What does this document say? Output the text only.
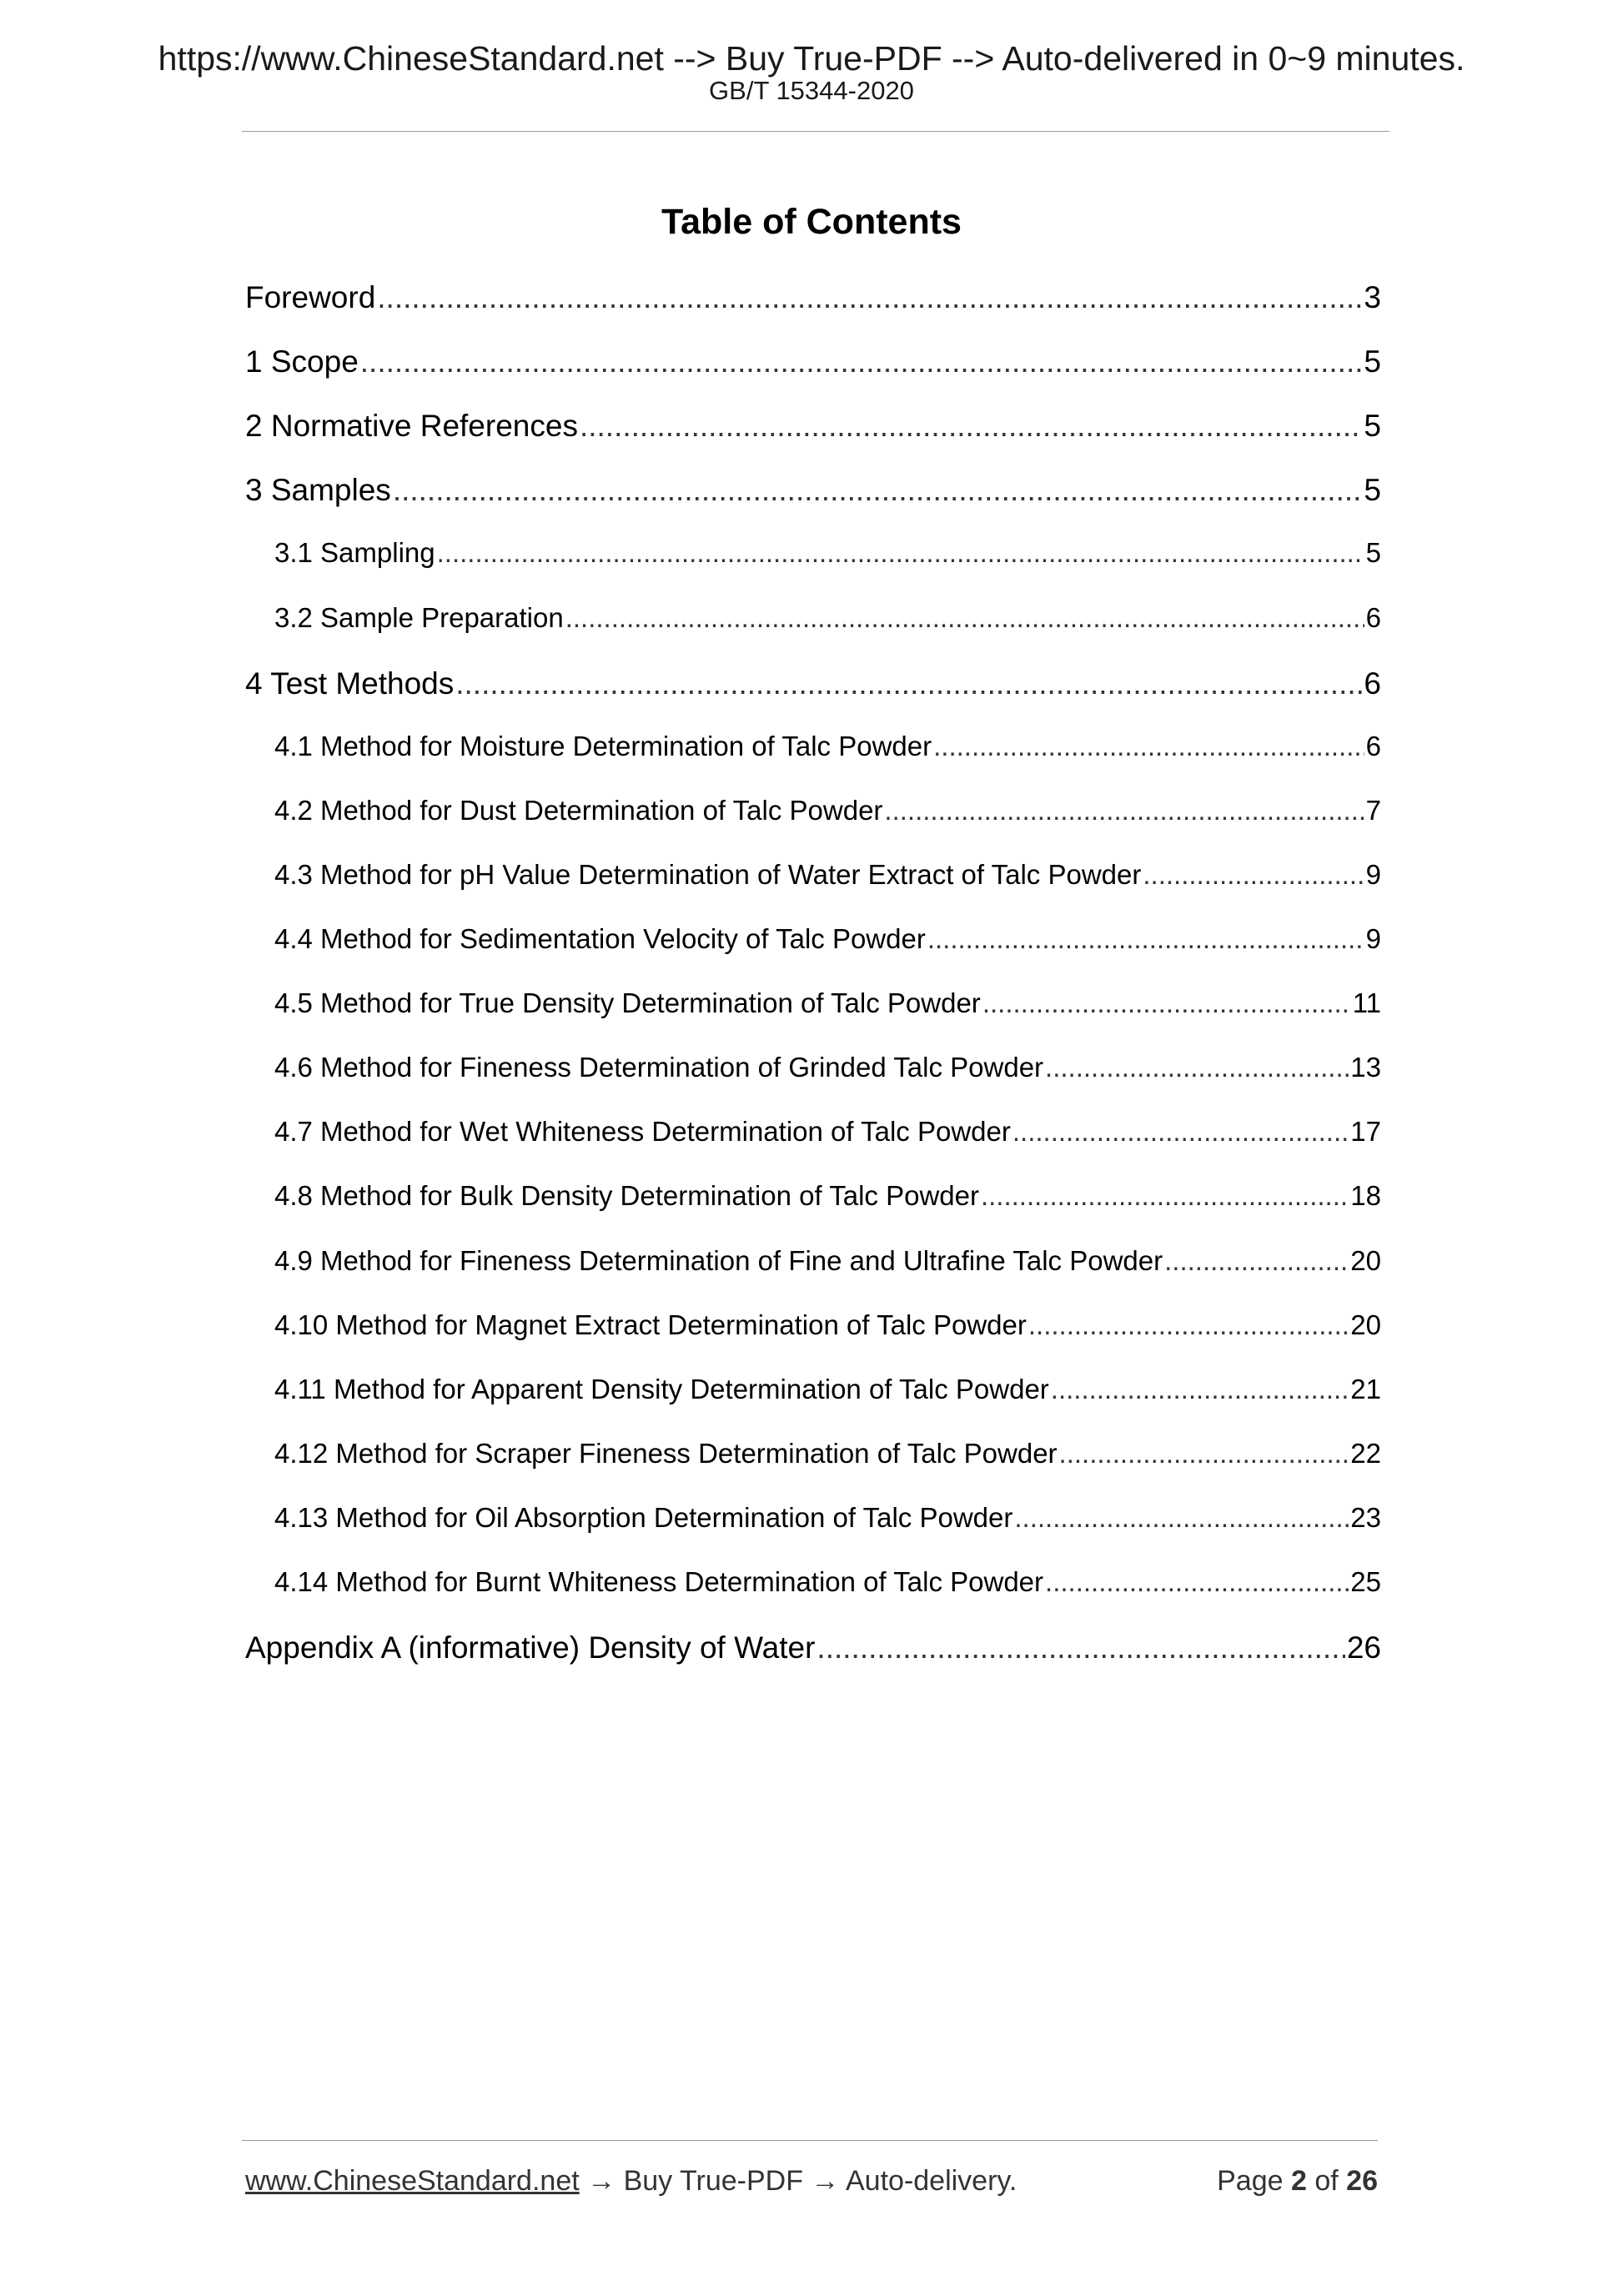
https://www.ChineseStandard.net --> Buy True-PDF --> Auto-delivered in 0~9 minutes.
GB/T 15344-2020
Table of Contents
Foreword .....	3
1 Scope .....	5
2 Normative References .....	5
3 Samples .....	5
3.1 Sampling .....	5
3.2 Sample Preparation .....	6
4 Test Methods .....	6
4.1 Method for Moisture Determination of Talc Powder .....	6
4.2 Method for Dust Determination of Talc Powder .....	7
4.3 Method for pH Value Determination of Water Extract of Talc Powder .....	9
4.4 Method for Sedimentation Velocity of Talc Powder .....	9
4.5 Method for True Density Determination of Talc Powder .....	11
4.6 Method for Fineness Determination of Grinded Talc Powder .....	13
4.7 Method for Wet Whiteness Determination of Talc Powder .....	17
4.8 Method for Bulk Density Determination of Talc Powder .....	18
4.9 Method for Fineness Determination of Fine and Ultrafine Talc Powder .....	20
4.10 Method for Magnet Extract Determination of Talc Powder .....	20
4.11 Method for Apparent Density Determination of Talc Powder .....	21
4.12 Method for Scraper Fineness Determination of Talc Powder .....	22
4.13 Method for Oil Absorption Determination of Talc Powder .....	23
4.14 Method for Burnt Whiteness Determination of Talc Powder .....	25
Appendix A (informative) Density of Water .....	26
www.ChineseStandard.net → Buy True-PDF → Auto-delivery.	Page 2 of 26
